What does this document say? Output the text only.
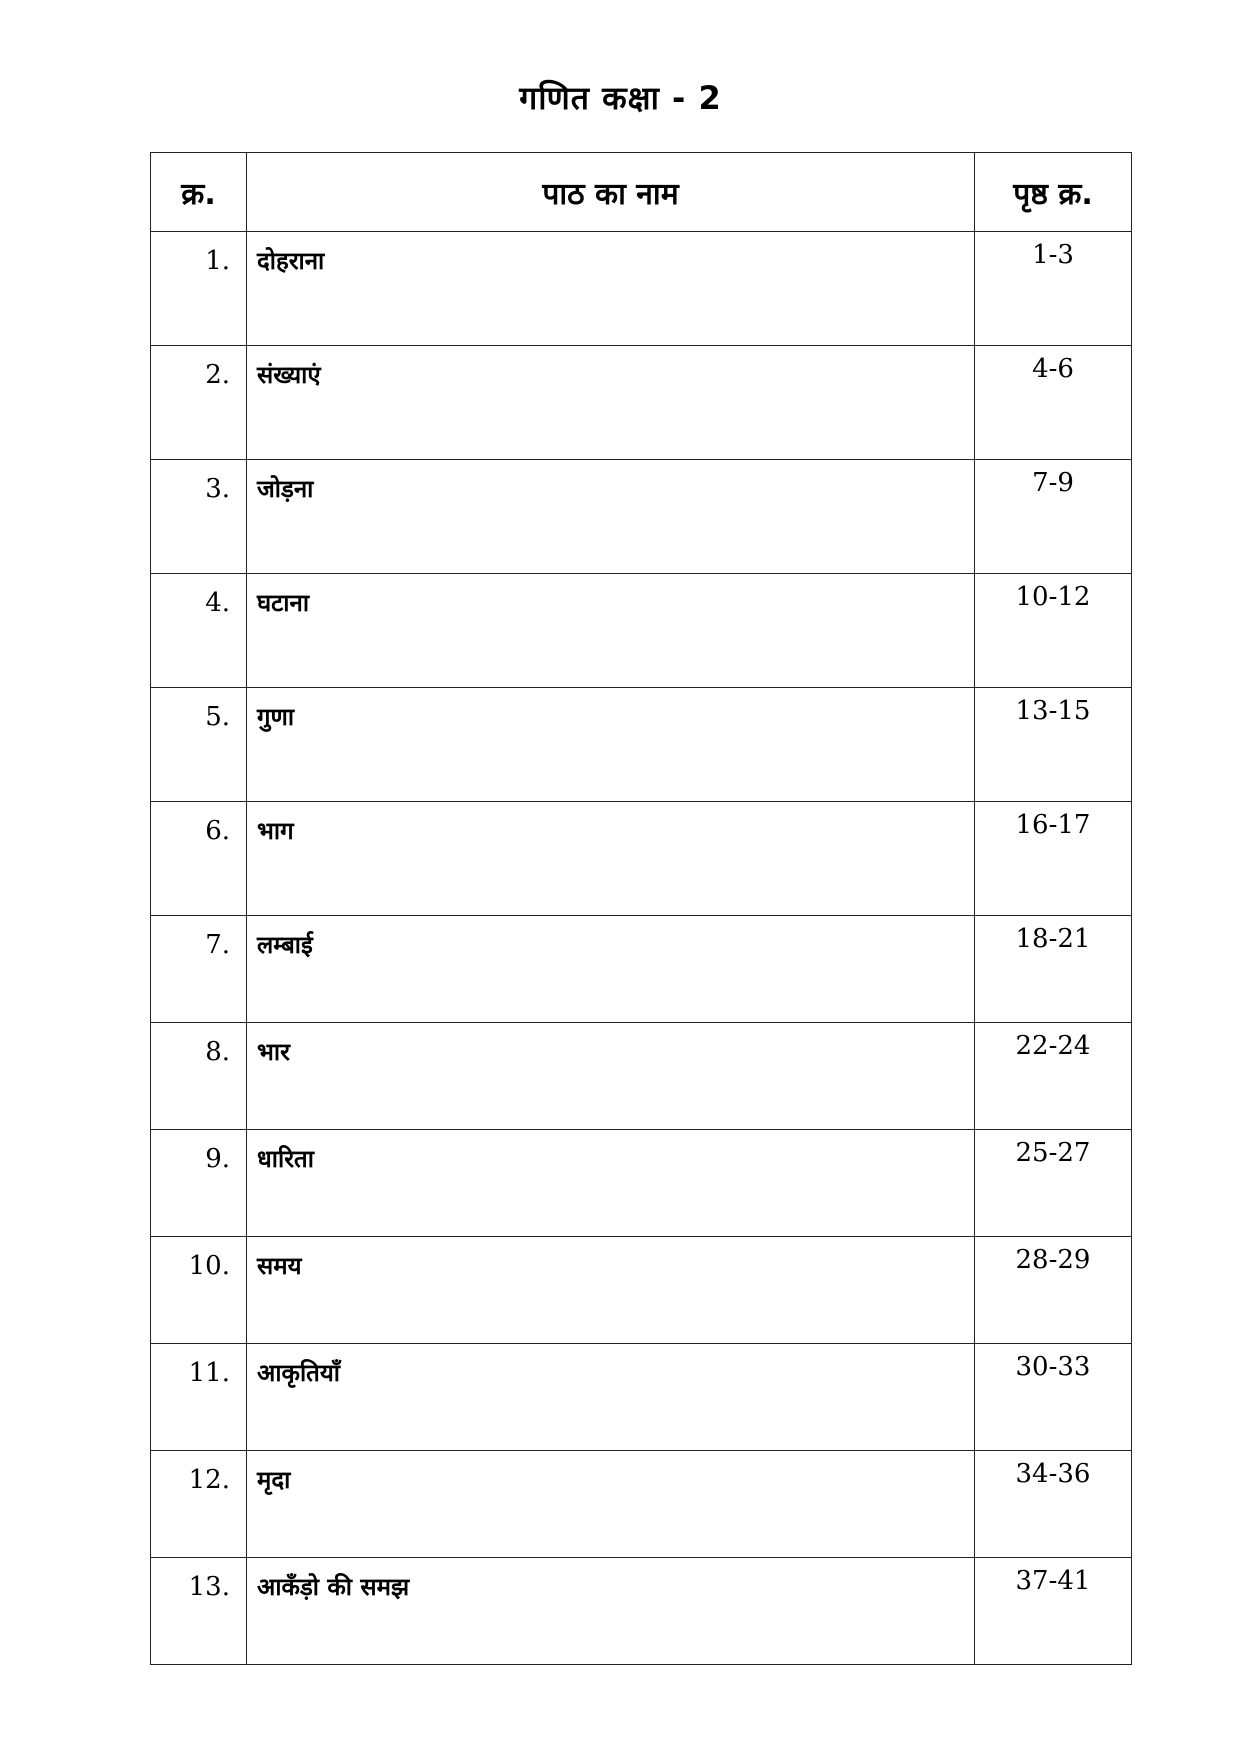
गणित कक्षा - 2
क्र.	पाठ का नाम	पृष्ठ क्र.
1.	दोहराना	1-3
2.	संख्याएं	4-6
3.	जोड़ना	7-9
4.	घटाना	10-12
5.	गुणा	13-15
6.	भाग	16-17
7.	लम्बाई	18-21
8.	भार	22-24
9.	धारिता	25-27
10.	समय	28-29
11.	आकृतियाँ	30-33
12.	मृदा	34-36
13.	आकँड़ो की समझ	37-41
